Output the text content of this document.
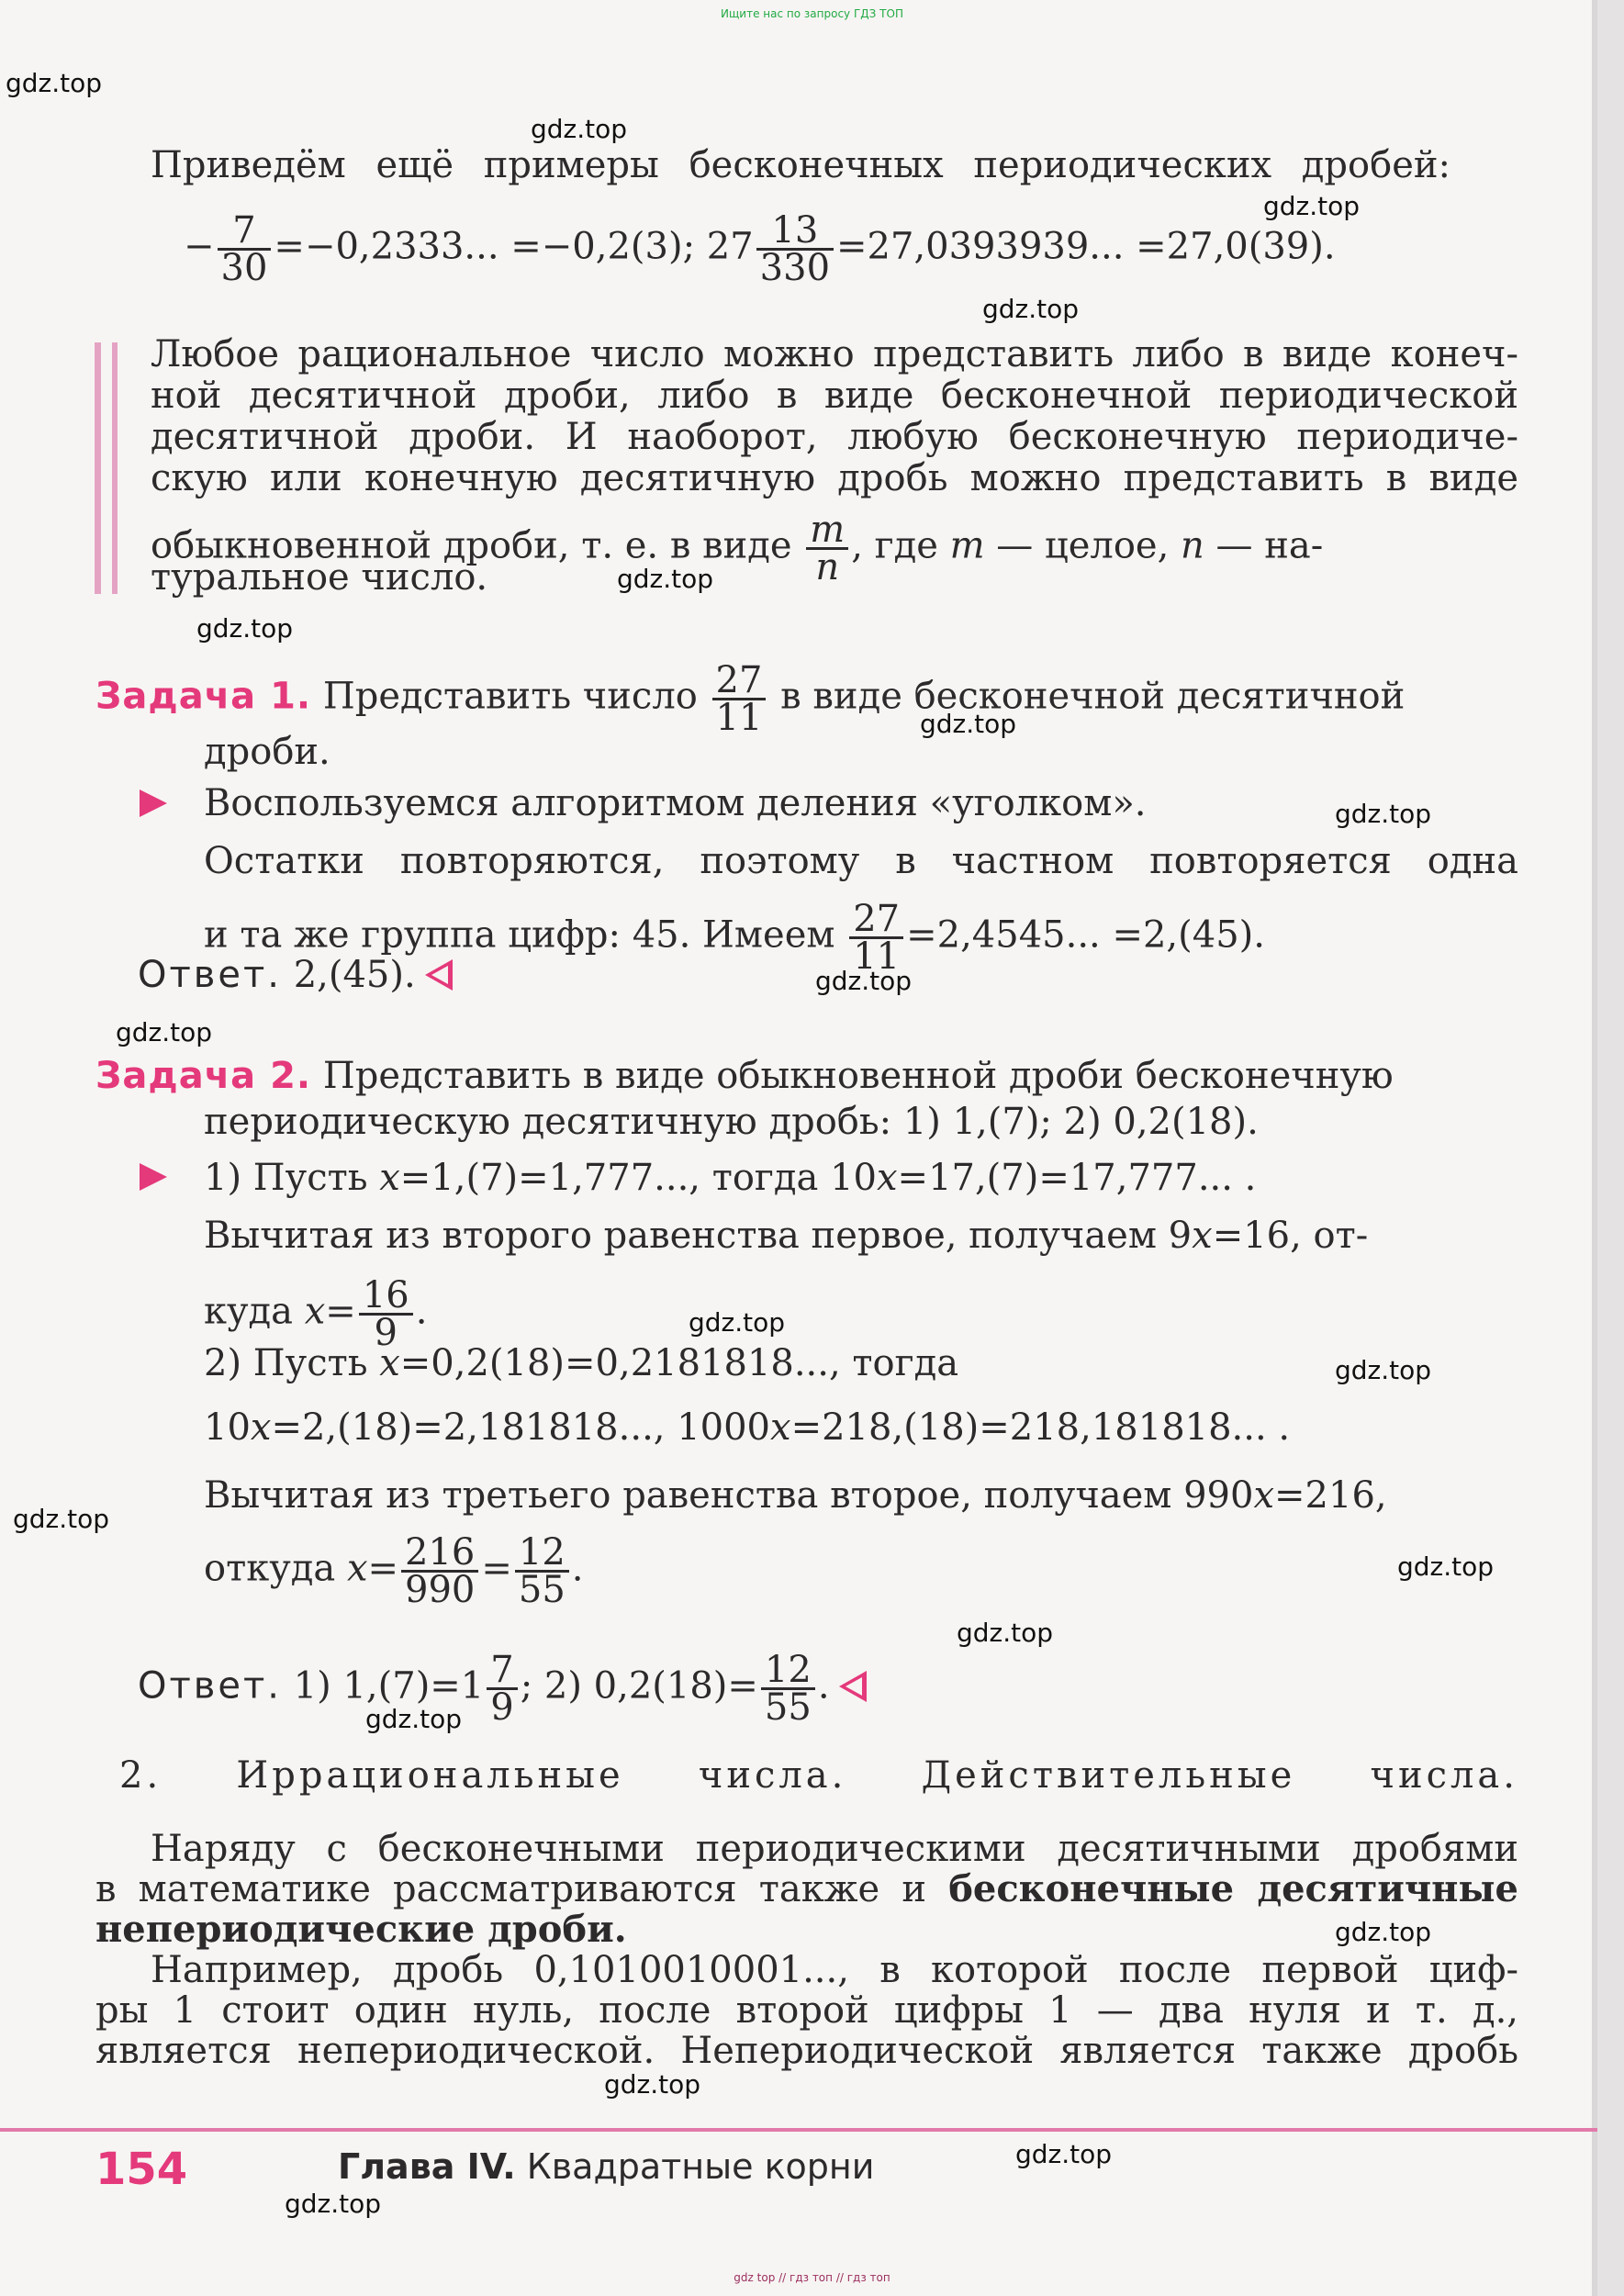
Ищите нас по запросу ГДЗ ТОП
gdz.top
gdz.top
gdz.top
gdz.top
gdz.top
gdz.top
gdz.top
gdz.top
gdz.top
gdz.top
gdz.top
gdz.top
gdz.top
gdz.top
gdz.top
gdz.top
gdz.top
gdz.top
gdz.top
gdz.top
Приведём ещё примеры бесконечных периодических дробей:
− $\frac{7}{30} =-0,2333$... =−0,2(3); $27 \frac{13}{330} =27,0393939$... =27,0(39).
Любое рациональное число можно представить либо в виде конеч-
ной десятичной дроби, либо в виде бесконечной периодической
десятичной дроби. И наоборот, любую бесконечную периодиче-
скую или конечную десятичную дробь можно представить в виде
обыкновенной дроби, т. е. в виде $\frac{m}{n}$ , где m — целое, n — на-
туральное число.
Задача 1. Представить число $\frac{27}{11}$ в виде бесконечной десятичной
дроби.
Воспользуемся алгоритмом деления «уголком».
Остатки повторяются, поэтому в частном повторяется одна
и та же группа цифр: 45. Имеем $\frac{27}{11} =2,4545$... =2,(45).
Ответ. 2,(45).
Задача 2. Представить в виде обыкновенной дроби бесконечную
периодическую десятичную дробь: 1) 1,(7); 2) 0,2(18).
1) Пусть x=1,(7)=1,777..., тогда 10x=17,(7)=17,777... .
Вычитая из второго равенства первое, получаем 9x=16, от-
куда $x= \frac{16}{9}$ .
2) Пусть x=0,2(18)=0,2181818..., тогда
10x=2,(18)=2,181818..., 1000x=218,(18)=218,181818... .
Вычитая из третьего равенства второе, получаем 990x=216,
откуда $x= \frac{216}{990} = \frac{12}{55}$ .
Ответ. 1) $1,(7)=1 \frac{7}{9}$ ; 2) $0,2(18)= \frac{12}{55}$ .
2. Иррациональные числа. Действительные числа.
Наряду с бесконечными периодическими десятичными дробями
в математике рассматриваются также и бесконечные десятичные
непериодические дроби.
Например, дробь 0,1010010001..., в которой после первой циф-
ры 1 стоит один нуль, после второй цифры 1 — два нуля и т. д.,
является непериодической. Непериодической является также дробь
154	Глава IV. Квадратные корни
gdz top // гдз топ // гдз топ
